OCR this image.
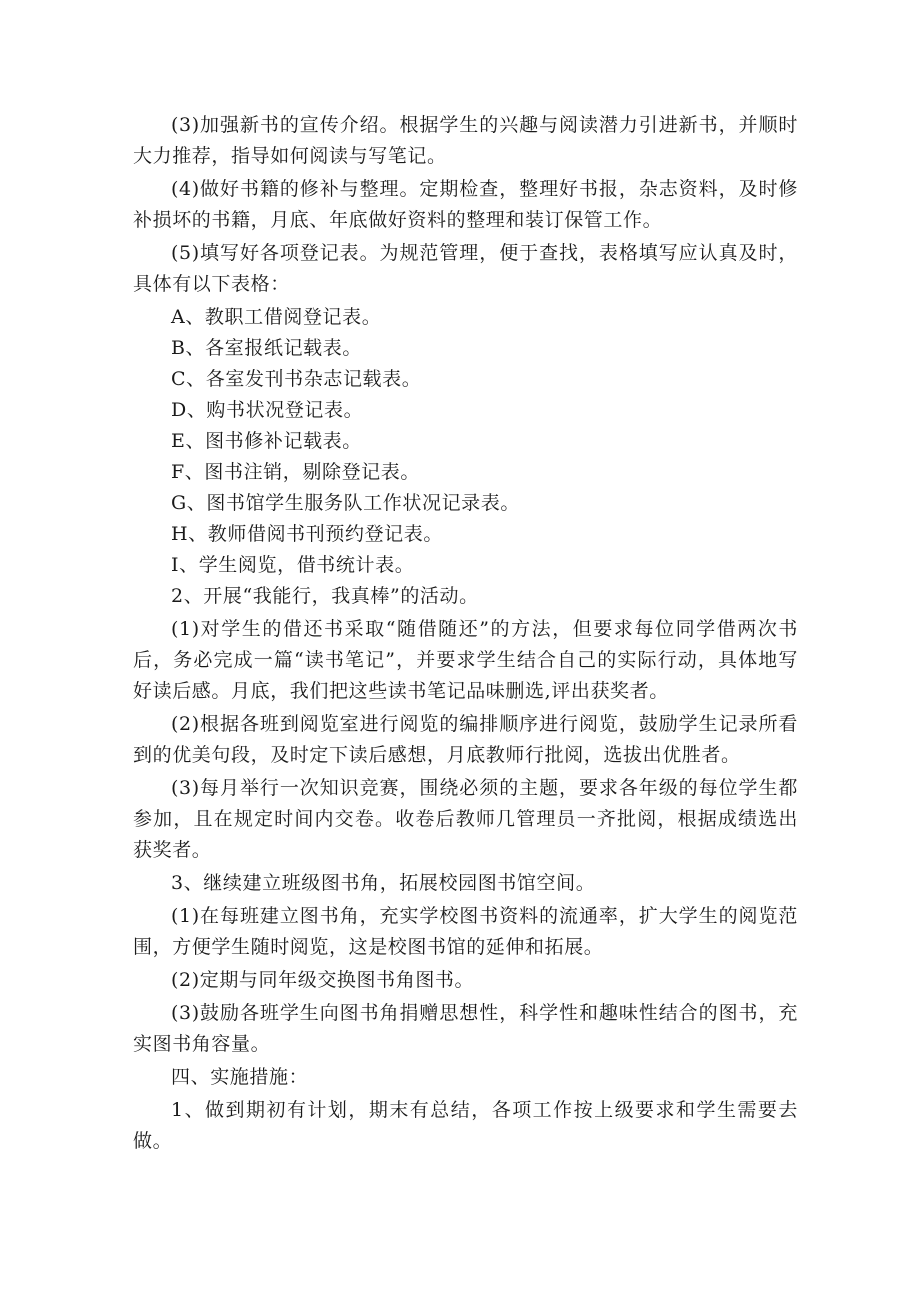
(3)加强新书的宣传介绍。根据学生的兴趣与阅读潜力引进新书，并顺时大力推荐，指导如何阅读与写笔记。

(4)做好书籍的修补与整理。定期检查，整理好书报，杂志资料，及时修补损坏的书籍，月底、年底做好资料的整理和装订保管工作。

(5)填写好各项登记表。为规范管理，便于查找，表格填写应认真及时，具体有以下表格：

A、教职工借阅登记表。

B、各室报纸记载表。

C、各室发刊书杂志记载表。

D、购书状况登记表。

E、图书修补记载表。

F、图书注销，剔除登记表。

G、图书馆学生服务队工作状况记录表。

H、教师借阅书刊预约登记表。

I、学生阅览，借书统计表。

2、开展“我能行，我真棒”的活动。

(1)对学生的借还书采取“随借随还”的方法，但要求每位同学借两次书后，务必完成一篇“读书笔记”，并要求学生结合自己的实际行动，具体地写好读后感。月底，我们把这些读书笔记品味删选,评出获奖者。

(2)根据各班到阅览室进行阅览的编排顺序进行阅览，鼓励学生记录所看到的优美句段，及时定下读后感想，月底教师行批阅，选拔出优胜者。

(3)每月举行一次知识竞赛，围绕必须的主题，要求各年级的每位学生都参加，且在规定时间内交卷。收卷后教师几管理员一齐批阅，根据成绩选出获奖者。

3、继续建立班级图书角，拓展校园图书馆空间。

(1)在每班建立图书角，充实学校图书资料的流通率，扩大学生的阅览范围，方便学生随时阅览，这是校图书馆的延伸和拓展。

(2)定期与同年级交换图书角图书。

(3)鼓励各班学生向图书角捐赠思想性，科学性和趣味性结合的图书，充实图书角容量。

四、实施措施：

1、做到期初有计划，期末有总结，各项工作按上级要求和学生需要去做。
